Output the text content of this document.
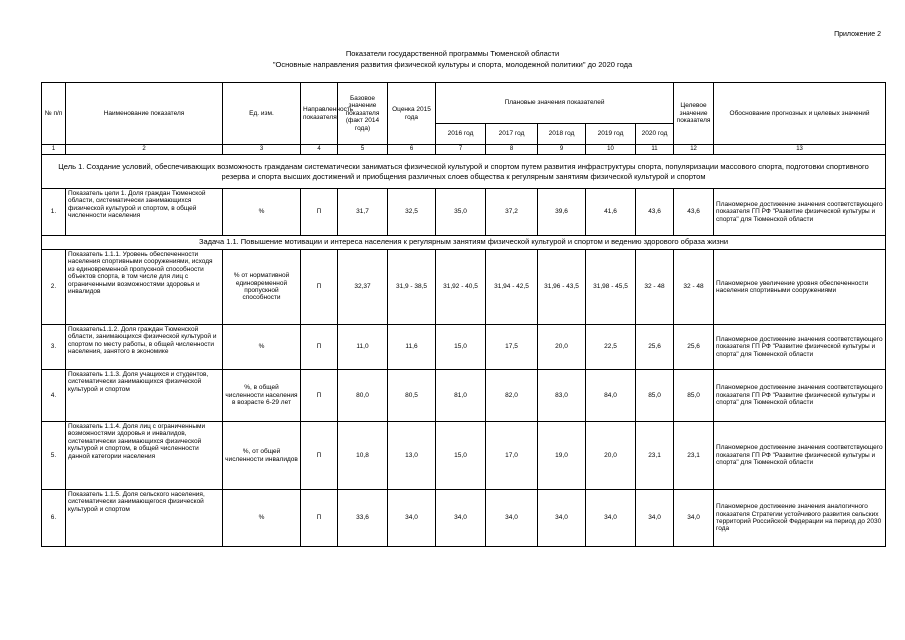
Приложение 2
Показатели государственной программы Тюменской области
"Основные направления развития физической культуры и спорта, молодежной политики" до 2020 года
№ п/п	Наименование показателя	Ед. изм.	Направленность показателя	Базовое значение показателя (факт 2014 года)	Оценка 2015 года	Плановые значения показателей					Целевое значение показателя	Обоснование прогнозных и целевых значений
						2016 год	2017 год	2018 год	2019 год	2020 год		
1	2	3	4	5	6	7	8	9	10	11	12	13
Цель 1. Создание условий, обеспечивающих возможность гражданам систематически заниматься физической культурой и спортом путем развития инфраструктуры спорта, популяризации массового спорта, подготовки спортивного резерва и спорта высших достижений и приобщения различных слоев общества к регулярным занятиям физической культурой и спортом												
1.	Показатель цели 1. Доля граждан Тюменской области, систематически занимающихся физической культурой и спортом, в общей численности населения	%	П	31,7	32,5	35,0	37,2	39,6	41,6	43,6	43,6	Планомерное достижение значения соответствующего показателя ГП РФ "Развитие физической культуры и спорта" для Тюменской области
Задача 1.1. Повышение мотивации и интереса населения к регулярным занятиям физической культурой и спортом и ведению здорового образа жизни												
2.	Показатель 1.1.1. Уровень обеспеченности населения спортивными сооружениями, исходя из единовременной пропускной способности объектов спорта, в том числе для лиц с ограниченными возможностями здоровья и инвалидов	% от нормативной единовременной пропускной способности	П	32,37	31,9 - 38,5	31,92 - 40,5	31,94 - 42,5	31,96 - 43,5	31,98 - 45,5	32 - 48	32 - 48	Планомерное увеличение уровня обеспеченности населения спортивными сооружениями
3.	Показатель1.1.2. Доля граждан Тюменской области, занимающихся физической культурой и спортом по месту работы, в общей численности населения, занятого в экономике	%	П	11,0	11,6	15,0	17,5	20,0	22,5	25,6	25,6	Планомерное достижение значения соответствующего показателя ГП РФ "Развитие физической культуры и спорта" для Тюменской области
4.	Показатель 1.1.3. Доля учащихся и студентов, систематически занимающихся физической культурой и спортом	%, в общей численности населения в возрасте 6-29 лет	П	80,0	80,5	81,0	82,0	83,0	84,0	85,0	85,0	Планомерное достижение значения соответствующего показателя ГП РФ "Развитие физической культуры и спорта" для Тюменской области
5.	Показатель 1.1.4. Доля лиц с ограниченными возможностями здоровья и инвалидов, систематически занимающихся физической культурой и спортом, в общей численности данной категории населения	%, от общей численности инвалидов	П	10,8	13,0	15,0	17,0	19,0	20,0	23,1	23,1	Планомерное достижение значения соответствующего показателя ГП РФ "Развитие физической культуры и спорта" для Тюменской области
6.	Показатель 1.1.5. Доля сельского населения, систематически занимающегося физической культурой и спортом	%	П	33,6	34,0	34,0	34,0	34,0	34,0	34,0	34,0	Планомерное достижение значения аналогичного показателя Стратегии устойчивого развития сельских территорий Российской Федерации на период до 2030 года
